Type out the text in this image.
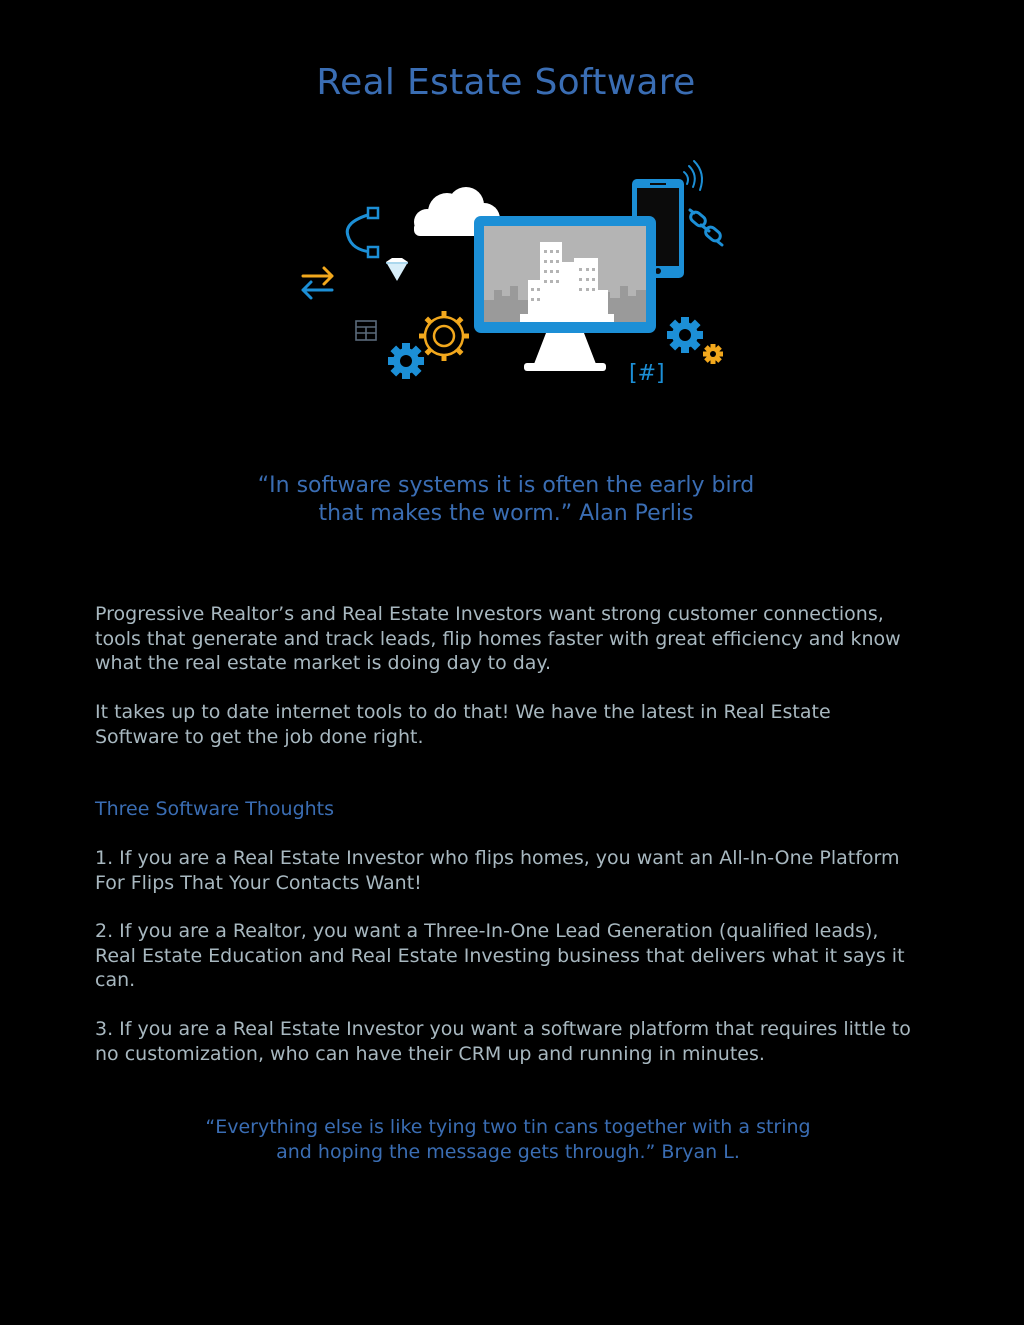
Real Estate Software
[#]
“In software systems it is often the early bird
that makes the worm.” Alan Perlis
Progressive Realtor’s and Real Estate Investors want strong customer connections, tools that generate and track leads, flip homes faster with great efficiency and know what the real estate market is doing day to day.
It takes up to date internet tools to do that! We have the latest in Real Estate Software to get the job done right.
Three Software Thoughts
1. If you are a Real Estate Investor who flips homes, you want an All-In-One Platform For Flips That Your Contacts Want!
2. If you are a Realtor, you want a Three-In-One Lead Generation (qualified leads), Real Estate Education and Real Estate Investing business that delivers what it says it can.
3. If you are a Real Estate Investor you want a software platform that requires little to no customization, who can have their CRM up and running in minutes.
“Everything else is like tying two tin cans together with a string
and hoping the message gets through.” Bryan L.
